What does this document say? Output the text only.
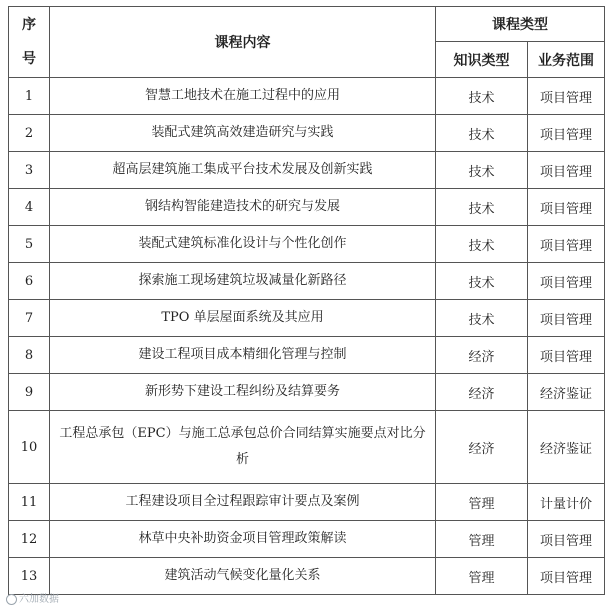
序
号	课程内容	课程类型	
		知识类型	业务范围
1	智慧工地技术在施工过程中的应用	技术	项目管理
2	装配式建筑高效建造研究与实践	技术	项目管理
3	超高层建筑施工集成平台技术发展及创新实践	技术	项目管理
4	钢结构智能建造技术的研究与发展	技术	项目管理
5	装配式建筑标准化设计与个性化创作	技术	项目管理
6	探索施工现场建筑垃圾减量化新路径	技术	项目管理
7	TPO 单层屋面系统及其应用	技术	项目管理
8	建设工程项目成本精细化管理与控制	经济	项目管理
9	新形势下建设工程纠纷及结算要务	经济	经济鉴证
10	工程总承包（EPC）与施工总承包总价合同结算实施要点对比分析	经济	经济鉴证
11	工程建设项目全过程跟踪审计要点及案例	管理	计量计价
12	林草中央补助资金项目管理政策解读	管理	项目管理
13	建筑活动气候变化量化关系	管理	项目管理
六加数据
